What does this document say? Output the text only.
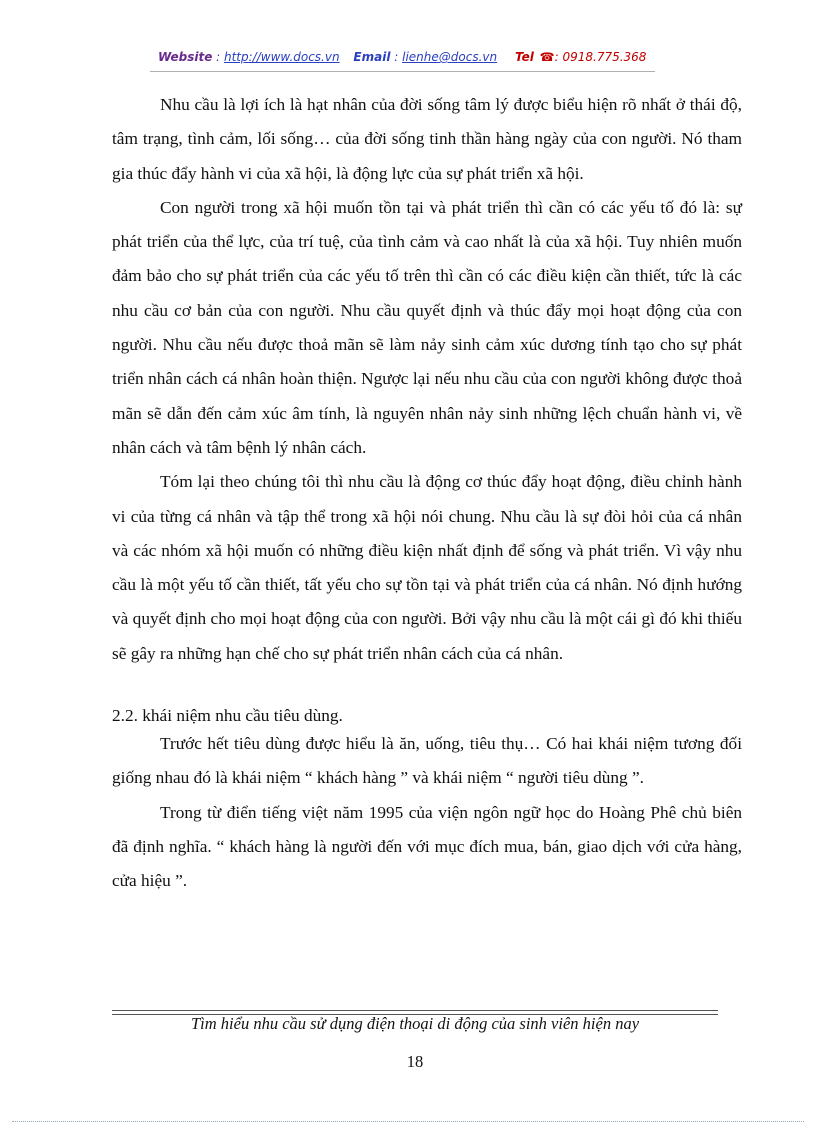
Website : http://www.docs.vn Email : lienhe@docs.vn Tel ☎: 0918.775.368

Nhu cầu là lợi ích là hạt nhân của đời sống tâm lý được biểu hiện rõ nhất ở thái độ, tâm trạng, tình cảm, lối sống… của đời sống tinh thần hàng ngày của con người. Nó tham gia thúc đẩy hành vi của xã hội, là động lực của sự phát triển xã hội.

Con người trong xã hội muốn tồn tại và phát triển thì cần có các yếu tố đó là: sự phát triển của thể lực, của trí tuệ, của tình cảm và cao nhất là của xã hội. Tuy nhiên muốn đảm bảo cho sự phát triển của các yếu tố trên thì cần có các điều kiện cần thiết, tức là các nhu cầu cơ bản của con người. Nhu cầu quyết định và thúc đẩy mọi hoạt động của con người. Nhu cầu nếu được thoả mãn sẽ làm nảy sinh cảm xúc dương tính tạo cho sự phát triển nhân cách cá nhân hoàn thiện. Ngược lại nếu nhu cầu của con người không được thoả mãn sẽ dẫn đến cảm xúc âm tính, là nguyên nhân nảy sinh những lệch chuẩn hành vi, về nhân cách và tâm bệnh lý nhân cách.

Tóm lại theo chúng tôi thì nhu cầu là động cơ thúc đẩy hoạt động, điều chỉnh hành vi của từng cá nhân và tập thể trong xã hội nói chung. Nhu cầu là sự đòi hỏi của cá nhân và các nhóm xã hội muốn có những điều kiện nhất định để sống và phát triển. Vì vậy nhu cầu là một yếu tố cần thiết, tất yếu cho sự tồn tại và phát triển của cá nhân. Nó định hướng và quyết định cho mọi hoạt động của con người. Bởi vậy nhu cầu là một cái gì đó khi thiếu sẽ gây ra những hạn chế cho sự phát triển nhân cách của cá nhân.

2.2. khái niệm nhu cầu tiêu dùng.

Trước hết tiêu dùng được hiểu là ăn, uống, tiêu thụ… Có hai khái niệm tương đối giống nhau đó là khái niệm “ khách hàng ” và khái niệm “ người tiêu dùng ”.

Trong từ điển tiếng việt năm 1995 của viện ngôn ngữ học do Hoàng Phê chủ biên đã định nghĩa. “ khách hàng là người đến với mục đích mua, bán, giao dịch với cửa hàng, cửa hiệu ”.

Tìm hiểu nhu cầu sử dụng điện thoại di động của sinh viên hiện nay
18
